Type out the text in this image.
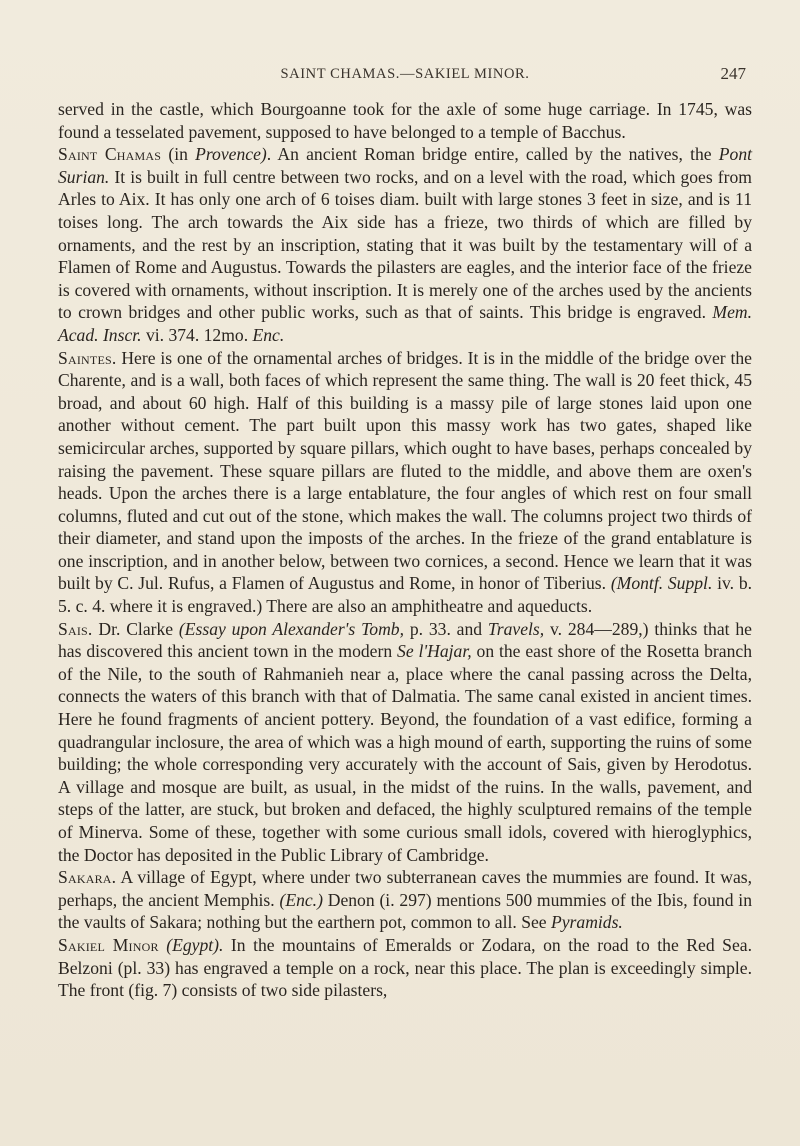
SAINT CHAMAS.—SAKIEL MINOR.	247

served in the castle, which Bourgoanne took for the axle of some huge carriage. In 1745, was found a tesselated pavement, supposed to have belonged to a temple of Bacchus.

Saint Chamas (in Provence). An ancient Roman bridge entire, called by the natives, the Pont Surian. It is built in full centre between two rocks, and on a level with the road, which goes from Arles to Aix. It has only one arch of 6 toises diam. built with large stones 3 feet in size, and is 11 toises long. The arch towards the Aix side has a frieze, two thirds of which are filled by ornaments, and the rest by an inscription, stating that it was built by the testamentary will of a Flamen of Rome and Augustus. Towards the pilasters are eagles, and the interior face of the frieze is covered with ornaments, without inscription. It is merely one of the arches used by the ancients to crown bridges and other public works, such as that of saints. This bridge is engraved. Mem. Acad. Inscr. vi. 374. 12mo. Enc.

Saintes. Here is one of the ornamental arches of bridges. It is in the middle of the bridge over the Charente, and is a wall, both faces of which represent the same thing. The wall is 20 feet thick, 45 broad, and about 60 high. Half of this building is a massy pile of large stones laid upon one another without cement. The part built upon this massy work has two gates, shaped like semicircular arches, supported by square pillars, which ought to have bases, perhaps concealed by raising the pavement. These square pillars are fluted to the middle, and above them are oxen's heads. Upon the arches there is a large entablature, the four angles of which rest on four small columns, fluted and cut out of the stone, which makes the wall. The columns project two thirds of their diameter, and stand upon the imposts of the arches. In the frieze of the grand entablature is one inscription, and in another below, between two cornices, a second. Hence we learn that it was built by C. Jul. Rufus, a Flamen of Augustus and Rome, in honor of Tiberius. (Montf. Suppl. iv. b. 5. c. 4. where it is engraved.) There are also an amphitheatre and aqueducts.

Sais. Dr. Clarke (Essay upon Alexander's Tomb, p. 33. and Travels, v. 284—289,) thinks that he has discovered this ancient town in the modern Se l'Hajar, on the east shore of the Rosetta branch of the Nile, to the south of Rahmanieh near a, place where the canal passing across the Delta, connects the waters of this branch with that of Dalmatia. The same canal existed in ancient times. Here he found fragments of ancient pottery. Beyond, the foundation of a vast edifice, forming a quadrangular inclosure, the area of which was a high mound of earth, supporting the ruins of some building; the whole corresponding very accurately with the account of Sais, given by Herodotus. A village and mosque are built, as usual, in the midst of the ruins. In the walls, pavement, and steps of the latter, are stuck, but broken and defaced, the highly sculptured remains of the temple of Minerva. Some of these, together with some curious small idols, covered with hieroglyphics, the Doctor has deposited in the Public Library of Cambridge.

Sakara. A village of Egypt, where under two subterranean caves the mummies are found. It was, perhaps, the ancient Memphis. (Enc.) Denon (i. 297) mentions 500 mummies of the Ibis, found in the vaults of Sakara; nothing but the earthern pot, common to all. See Pyramids.

Sakiel Minor (Egypt). In the mountains of Emeralds or Zodara, on the road to the Red Sea. Belzoni (pl. 33) has engraved a temple on a rock, near this place. The plan is exceedingly simple. The front (fig. 7) consists of two side pilasters,
